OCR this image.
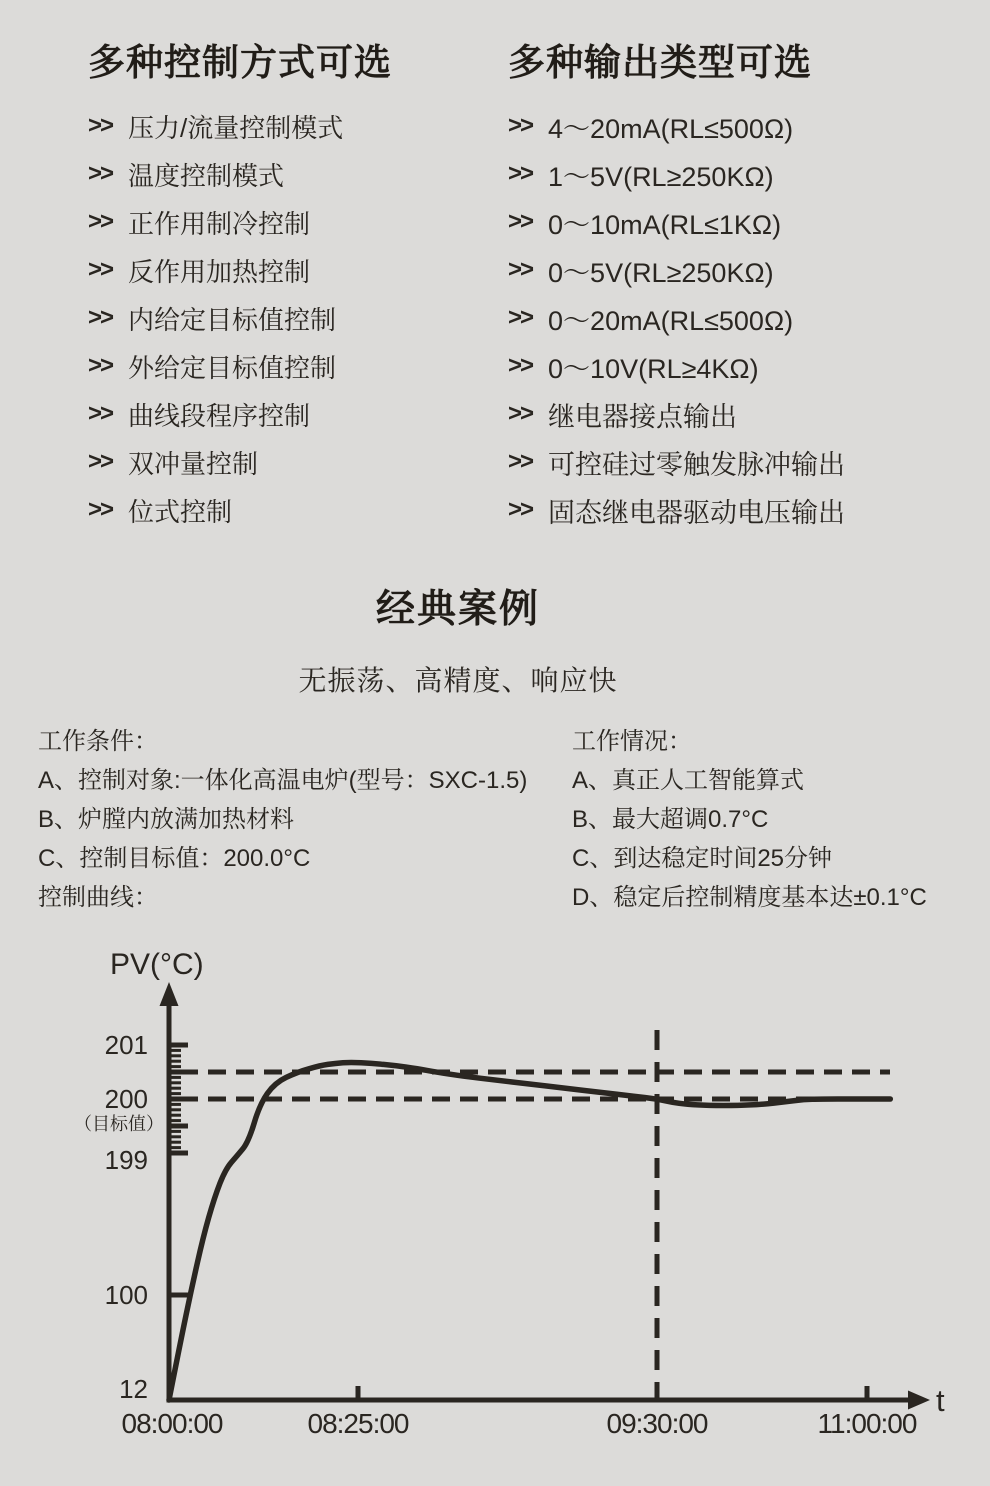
多种控制方式可选
>> 压力/流量控制模式
>> 温度控制模式
>> 正作用制冷控制
>> 反作用加热控制
>> 内给定目标值控制
>> 外给定目标值控制
>> 曲线段程序控制
>> 双冲量控制
>> 位式控制
多种输出类型可选
>> 4～20mA(RL≤500Ω)
>> 1～5V(RL≥250KΩ)
>> 0～10mA(RL≤1KΩ)
>> 0～5V(RL≥250KΩ)
>> 0～20mA(RL≤500Ω)
>> 0～10V(RL≥4KΩ)
>> 继电器接点输出
>> 可控硅过零触发脉冲输出
>> 固态继电器驱动电压输出
经典案例

无振荡、高精度、响应快

工作条件：
A、控制对象:一体化高温电炉(型号：SXC-1.5)
B、炉膛内放满加热材料
C、控制目标值：200.0°C
控制曲线：
工作情况：
A、真正人工智能算式
B、最大超调0.7°C
C、到达稳定时间25分钟
D、稳定后控制精度基本达±0.1°C
08:00:00	08:25:00	09:30:00	11:00:00
201
200
199
100
12
（目标值）
PV(°C)
t
